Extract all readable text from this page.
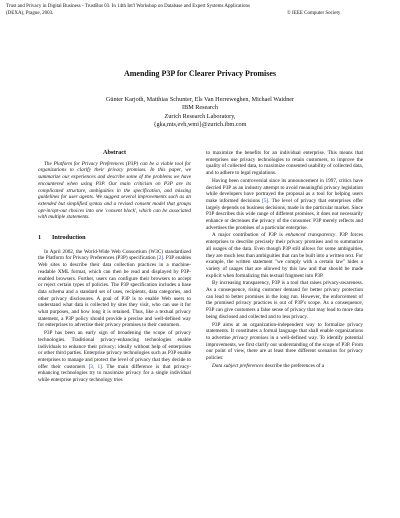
Trust and Privacy in Digital Business - TrustBus 03. In 14th Int'l Workshop on Database and Expert Systems Applications
(DEXA), Prague, 2003.	© IEEE Computer Society
Amending P3P for Clearer Privacy Promises
Günter Karjoth, Matthias Schunter, Els Van Herreweghen, Michael Waidner
IBM Research
Zurich Research Laboratory,
{gka,mts,evh,wmi}@zurich.ibm.com
Abstract

The Platform for Privacy Preferences (P3P) can be a viable tool for organizations to clarify their privacy promises. In this paper, we summarize our experiences and describe some of the problems we have encountered when using P3P. Our main criticism on P3P are its complicated structure, ambiguities in the specification, and missing guidelines for user agents. We suggest several improvements such as an extended but simplified syntax and a revised consent model that groups opt-in/opt-out choices into one 'consent block', which can be associated with multiple statements.

1 Introduction

In April 2002, the World-Wide Web Consortium (W3C) standardized the Platform for Privacy Preferences (P3P) specification [2]. P3P enables Web sites to describe their data collection practices in a machine-readable XML format, which can then be read and displayed by P3P-enabled browsers. Further, users can configure their browsers to accept or reject certain types of policies. The P3P specification includes a base data schema and a standard set of uses, recipients, data categories, and other privacy disclosures. A goal of P3P is to enable Web users to understand what data is collected by sites they visit, who can use it for what purposes, and how long it is retained. Thus, like a textual privacy statement, a P3P policy should provide a precise and well-defined way for enterprises to advertise their privacy promises to their customers.

P3P has been an early sign of broadening the scope of privacy technologies. Traditional privacy-enhancing technologies enable individuals to enhance their privacy; ideally without help of enterprises or other third parties. Enterprise privacy technologies such as P3P enable enterprises to manage and protect the level of privacy that they decide to offer their customers [3, 1]. The main difference is that privacy-enhancing technologies try to maximize privacy for a single individual while enterprise privacy technology tries

to maximize the benefits for an individual enterprise. This means that enterprises use privacy technologies to retain customers, to improve the quality of collected data, to maximize consented usability of collected data, and to adhere to legal regulations.

Having been controversial since its announcement in 1997, critics have decried P3P as an industry attempt to avoid meaningful privacy legislation while developers have portrayed the proposal as a tool for helping users make informed decisions [5]. The level of privacy that enterprises offer largely depends on business decisions, made in the particular market. Since P3P describes this wide range of different promises, it does not necessarily enhance or decreases the privacy of the consumer. P3P merely reflects and advertises the promises of a particular enterprise.

A major contribution of P3P is enhanced transparency. P3P forces enterprises to describe precisely their privacy promises and to summarize all usages of the data. Even though P3P still allows for some ambiguities, they are much less than ambiguities that can be built into a written text. For example, the written statement "we comply with a certain law" hides a variety of usages that are allowed by this law and that should be made explicit when formalizing this textual fragment into P3P.

By increasing transparency, P3P is a tool that raises privacy-awareness. As a consequence, rising customer demand for better privacy protection can lead to better promises in the long run. However, the enforcement of the promised privacy practices is out of P3P's scope. As a consequence, P3P can give customers a false sense of privacy that may lead to more data being disclosed and collected and to less privacy.

P3P aims at an organization-independent way to formalize privacy statements. It constitutes a formal language that shall enable organizations to advertise privacy promises in a well-defined way. To identify potential improvements, we first clarify our understanding of the scope of P3P. From our point of view, there are at least three different scenarios for privacy policies:

Data subject preferences describe the preferences of a
